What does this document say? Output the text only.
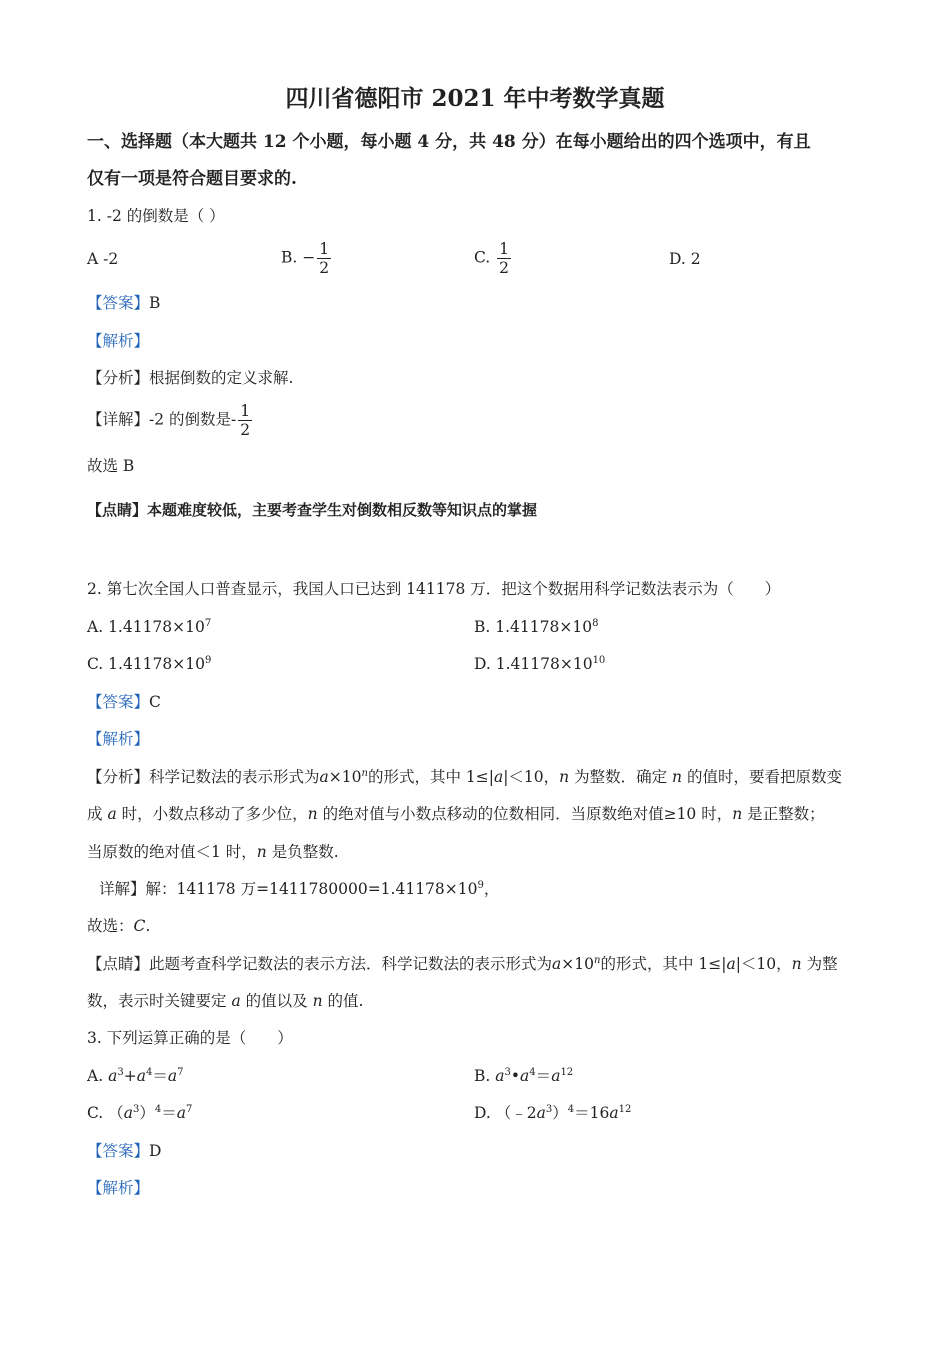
四川省德阳市 2021 年中考数学真题
一、选择题（本大题共 12 个小题，每小题 4 分，共 48 分）在每小题给出的四个选项中，有且
仅有一项是符合题目要求的.
1. -2 的倒数是（ ）
A -2	B. − $\frac{1}{2}$	C. $\frac{1}{2}$	D. 2
【答案】B
【解析】
【分析】根据倒数的定义求解.
【详解】-2 的倒数是- $\frac{1}{2}$
故选 B
【点睛】本题难度较低，主要考查学生对倒数相反数等知识点的掌握
2. 第七次全国人口普查显示，我国人口已达到 141178 万．把这个数据用科学记数法表示为（　　）
A. $1.41178\times 10^7$	B. $1.41178\times 10^8$
C. $1.41178\times 10^9$	D. $1.41178\times 10^{10}$
【答案】C
【解析】
【分析】科学记数法的表示形式为$a\times 10^n$的形式，其中 1≤|a|＜10，n 为整数．确定 n 的值时，要看把原数变
成 a 时，小数点移动了多少位，n 的绝对值与小数点移动的位数相同．当原数绝对值≥10 时，n 是正整数；
当原数的绝对值＜1 时，n 是负整数.
详解】解：141178 万$=1411780000=1.41178\times 10^9$，
故选：C.
【点睛】此题考查科学记数法的表示方法．科学记数法的表示形式为$a\times 10^n$的形式，其中 1≤|a|＜10，n 为整
数，表示时关键要定 a 的值以及 n 的值.
3. 下列运算正确的是（　　）
A. $a^3+a^4=a^7$	B. $a^3•a^4=a^{12}$
C. $(a^3)^4=a^7$	D. $(﹣2a^3)^4=16a^{12}$
【答案】D
【解析】
